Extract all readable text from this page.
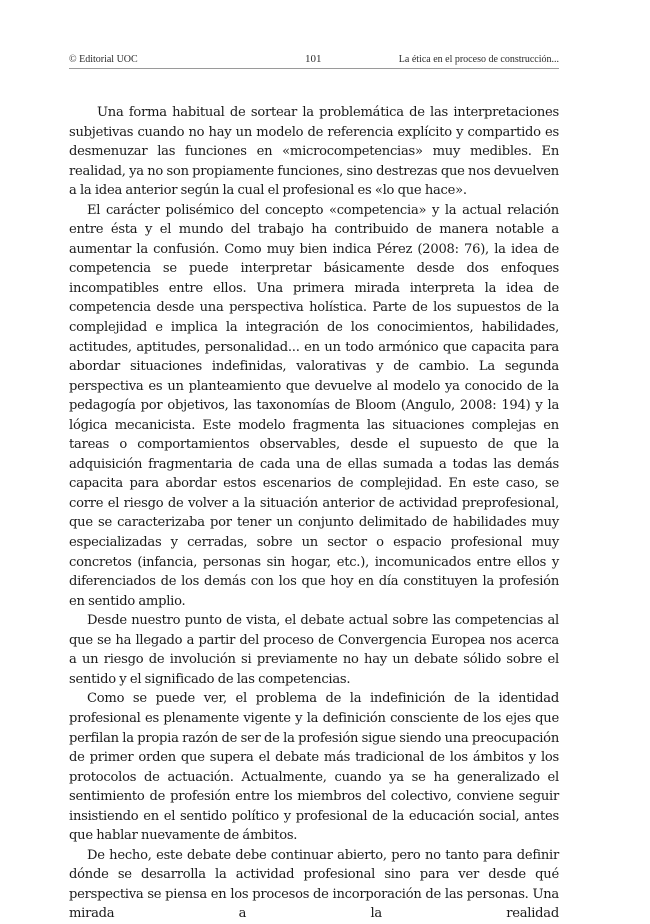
© Editorial UOC	101	La ética en el proceso de construcción...

Una forma habitual de sortear la problemática de las interpretaciones subjetivas cuando no hay un modelo de referencia explícito y compartido es desmenuzar las funciones en «microcompetencias» muy medibles. En realidad, ya no son propiamente funciones, sino destrezas que nos devuelven a la idea anterior según la cual el profesional es «lo que hace».

El carácter polisémico del concepto «competencia» y la actual relación entre ésta y el mundo del trabajo ha contribuido de manera notable a aumentar la confusión. Como muy bien indica Pérez (2008: 76), la idea de competencia se puede interpretar básicamente desde dos enfoques incompatibles entre ellos. Una primera mirada interpreta la idea de competencia desde una perspectiva holística. Parte de los supuestos de la complejidad e implica la integración de los conocimientos, habilidades, actitudes, aptitudes, personalidad... en un todo armónico que capacita para abordar situaciones indefinidas, valorativas y de cambio. La segunda perspectiva es un planteamiento que devuelve al modelo ya conocido de la pedagogía por objetivos, las taxonomías de Bloom (Angulo, 2008: 194) y la lógica mecanicista. Este modelo fragmenta las situaciones complejas en tareas o comportamientos observables, desde el supuesto de que la adquisición fragmentaria de cada una de ellas sumada a todas las demás capacita para abordar estos escenarios de complejidad. En este caso, se corre el riesgo de volver a la situación anterior de actividad preprofesional, que se caracterizaba por tener un conjunto delimitado de habilidades muy especializadas y cerradas, sobre un sector o espacio profesional muy concretos (infancia, personas sin hogar, etc.), incomunicados entre ellos y diferenciados de los demás con los que hoy en día constituyen la profesión en sentido amplio.

Desde nuestro punto de vista, el debate actual sobre las competencias al que se ha llegado a partir del proceso de Convergencia Europea nos acerca a un riesgo de involución si previamente no hay un debate sólido sobre el sentido y el significado de las competencias.

Como se puede ver, el problema de la indefinición de la identidad profesional es plenamente vigente y la definición consciente de los ejes que perfilan la propia razón de ser de la profesión sigue siendo una preocupación de primer orden que supera el debate más tradicional de los ámbitos y los protocolos de actuación. Actualmente, cuando ya se ha generalizado el sentimiento de profesión entre los miembros del colectivo, conviene seguir insistiendo en el sentido político y profesional de la educación social, antes que hablar nuevamente de ámbitos.

De hecho, este debate debe continuar abierto, pero no tanto para definir dónde se desarrolla la actividad profesional sino para ver desde qué perspectiva se piensa en los procesos de incorporación de las personas. Una mirada a la realidad
